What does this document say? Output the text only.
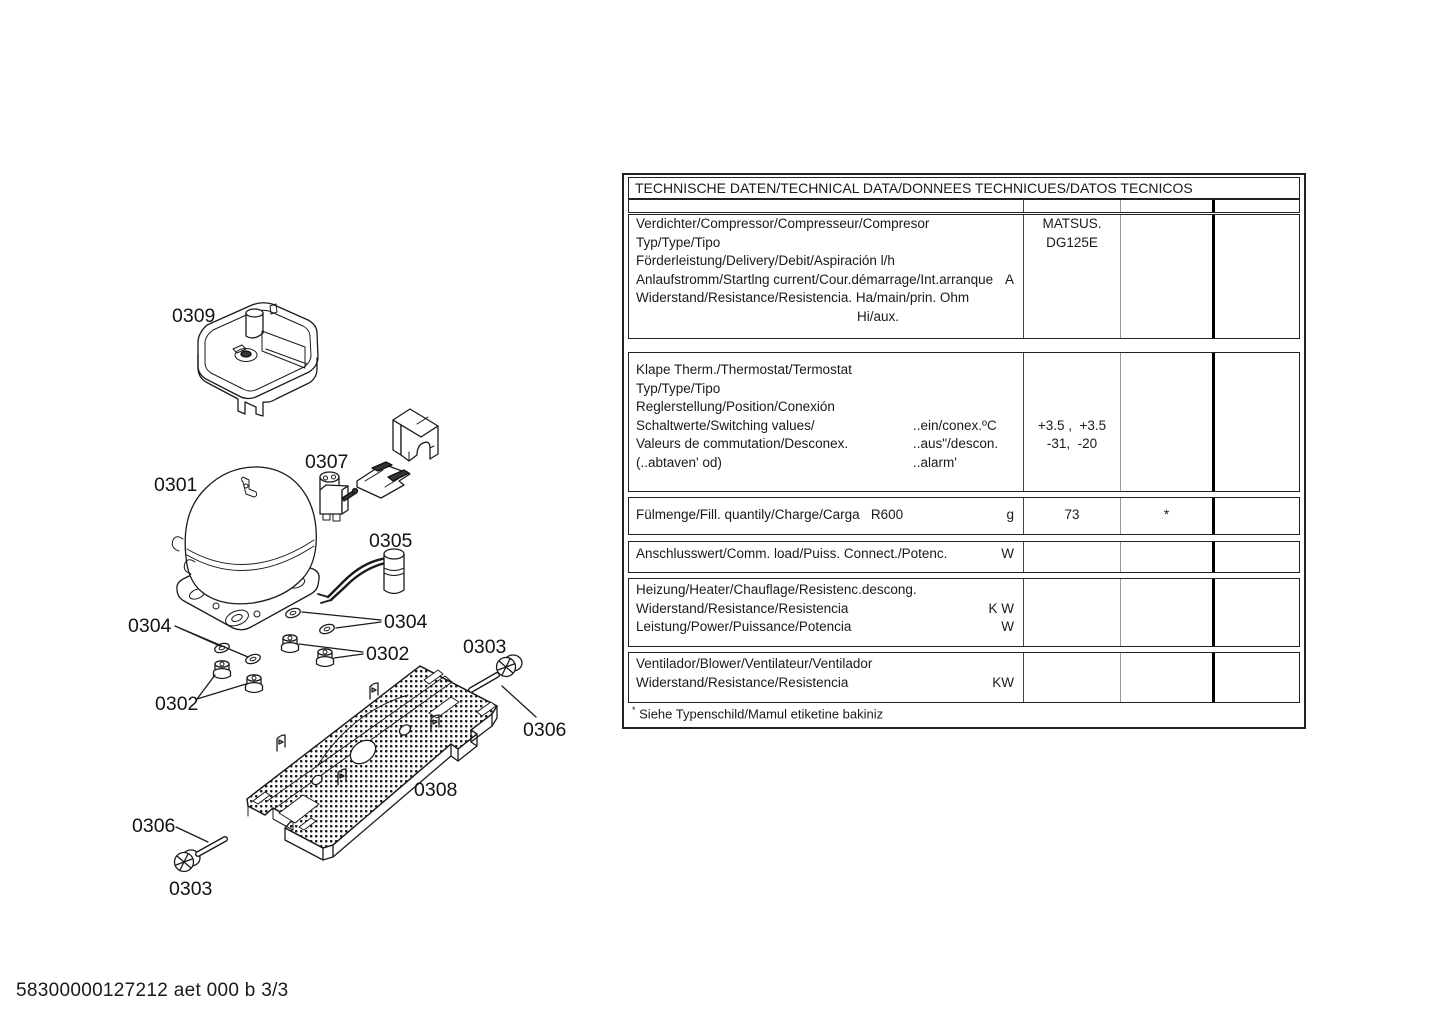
0309
0301
0307
0305
0304	0304
0302	0303
0302
0306
0308
0306
0303
TECHNISCHE DATEN/TECHNICAL DATA/DONNEES TECHNICUES/DATOS TECNICOS
Verdichter/Compressor/Compresseur/Compresor	MATSUS.
Typ/Type/Tipo	DG125E
Förderleistung/Delivery/Debit/Aspiración l/h
Anlaufstromm/Startlng current/Cour.démarrage/Int.arranque A
Widerstand/Resistance/Resistencia. Ha/main/prin. Ohm
Hi/aux.
Klape Therm./Thermostat/Termostat
Typ/Type/Tipo
Reglerstellung/Position/Conexión
Schaltwerte/Switching values/	..ein/conex.ºC	+3.5 ,  +3.5
Valeurs de commutation/Desconex.	..aus"/descon.	-31,  -20
(..abtaven' od)	..alarm'
Fülmenge/Fill. quantily/Charge/Carga   R600	g	73	*
Anschlusswert/Comm. load/Puiss. Connect./Potenc.	W
Heizung/Heater/Chauflage/Resistenc.descong.
Widerstand/Resistance/Resistencia	K W
Leistung/Power/Puissance/Potencia	W
Ventilador/Blower/Ventilateur/Ventilador
Widerstand/Resistance/Resistencia	KW
* Siehe Typenschild/Mamul etiketine bakiniz
58300000127212 aet 000 b 3/3
